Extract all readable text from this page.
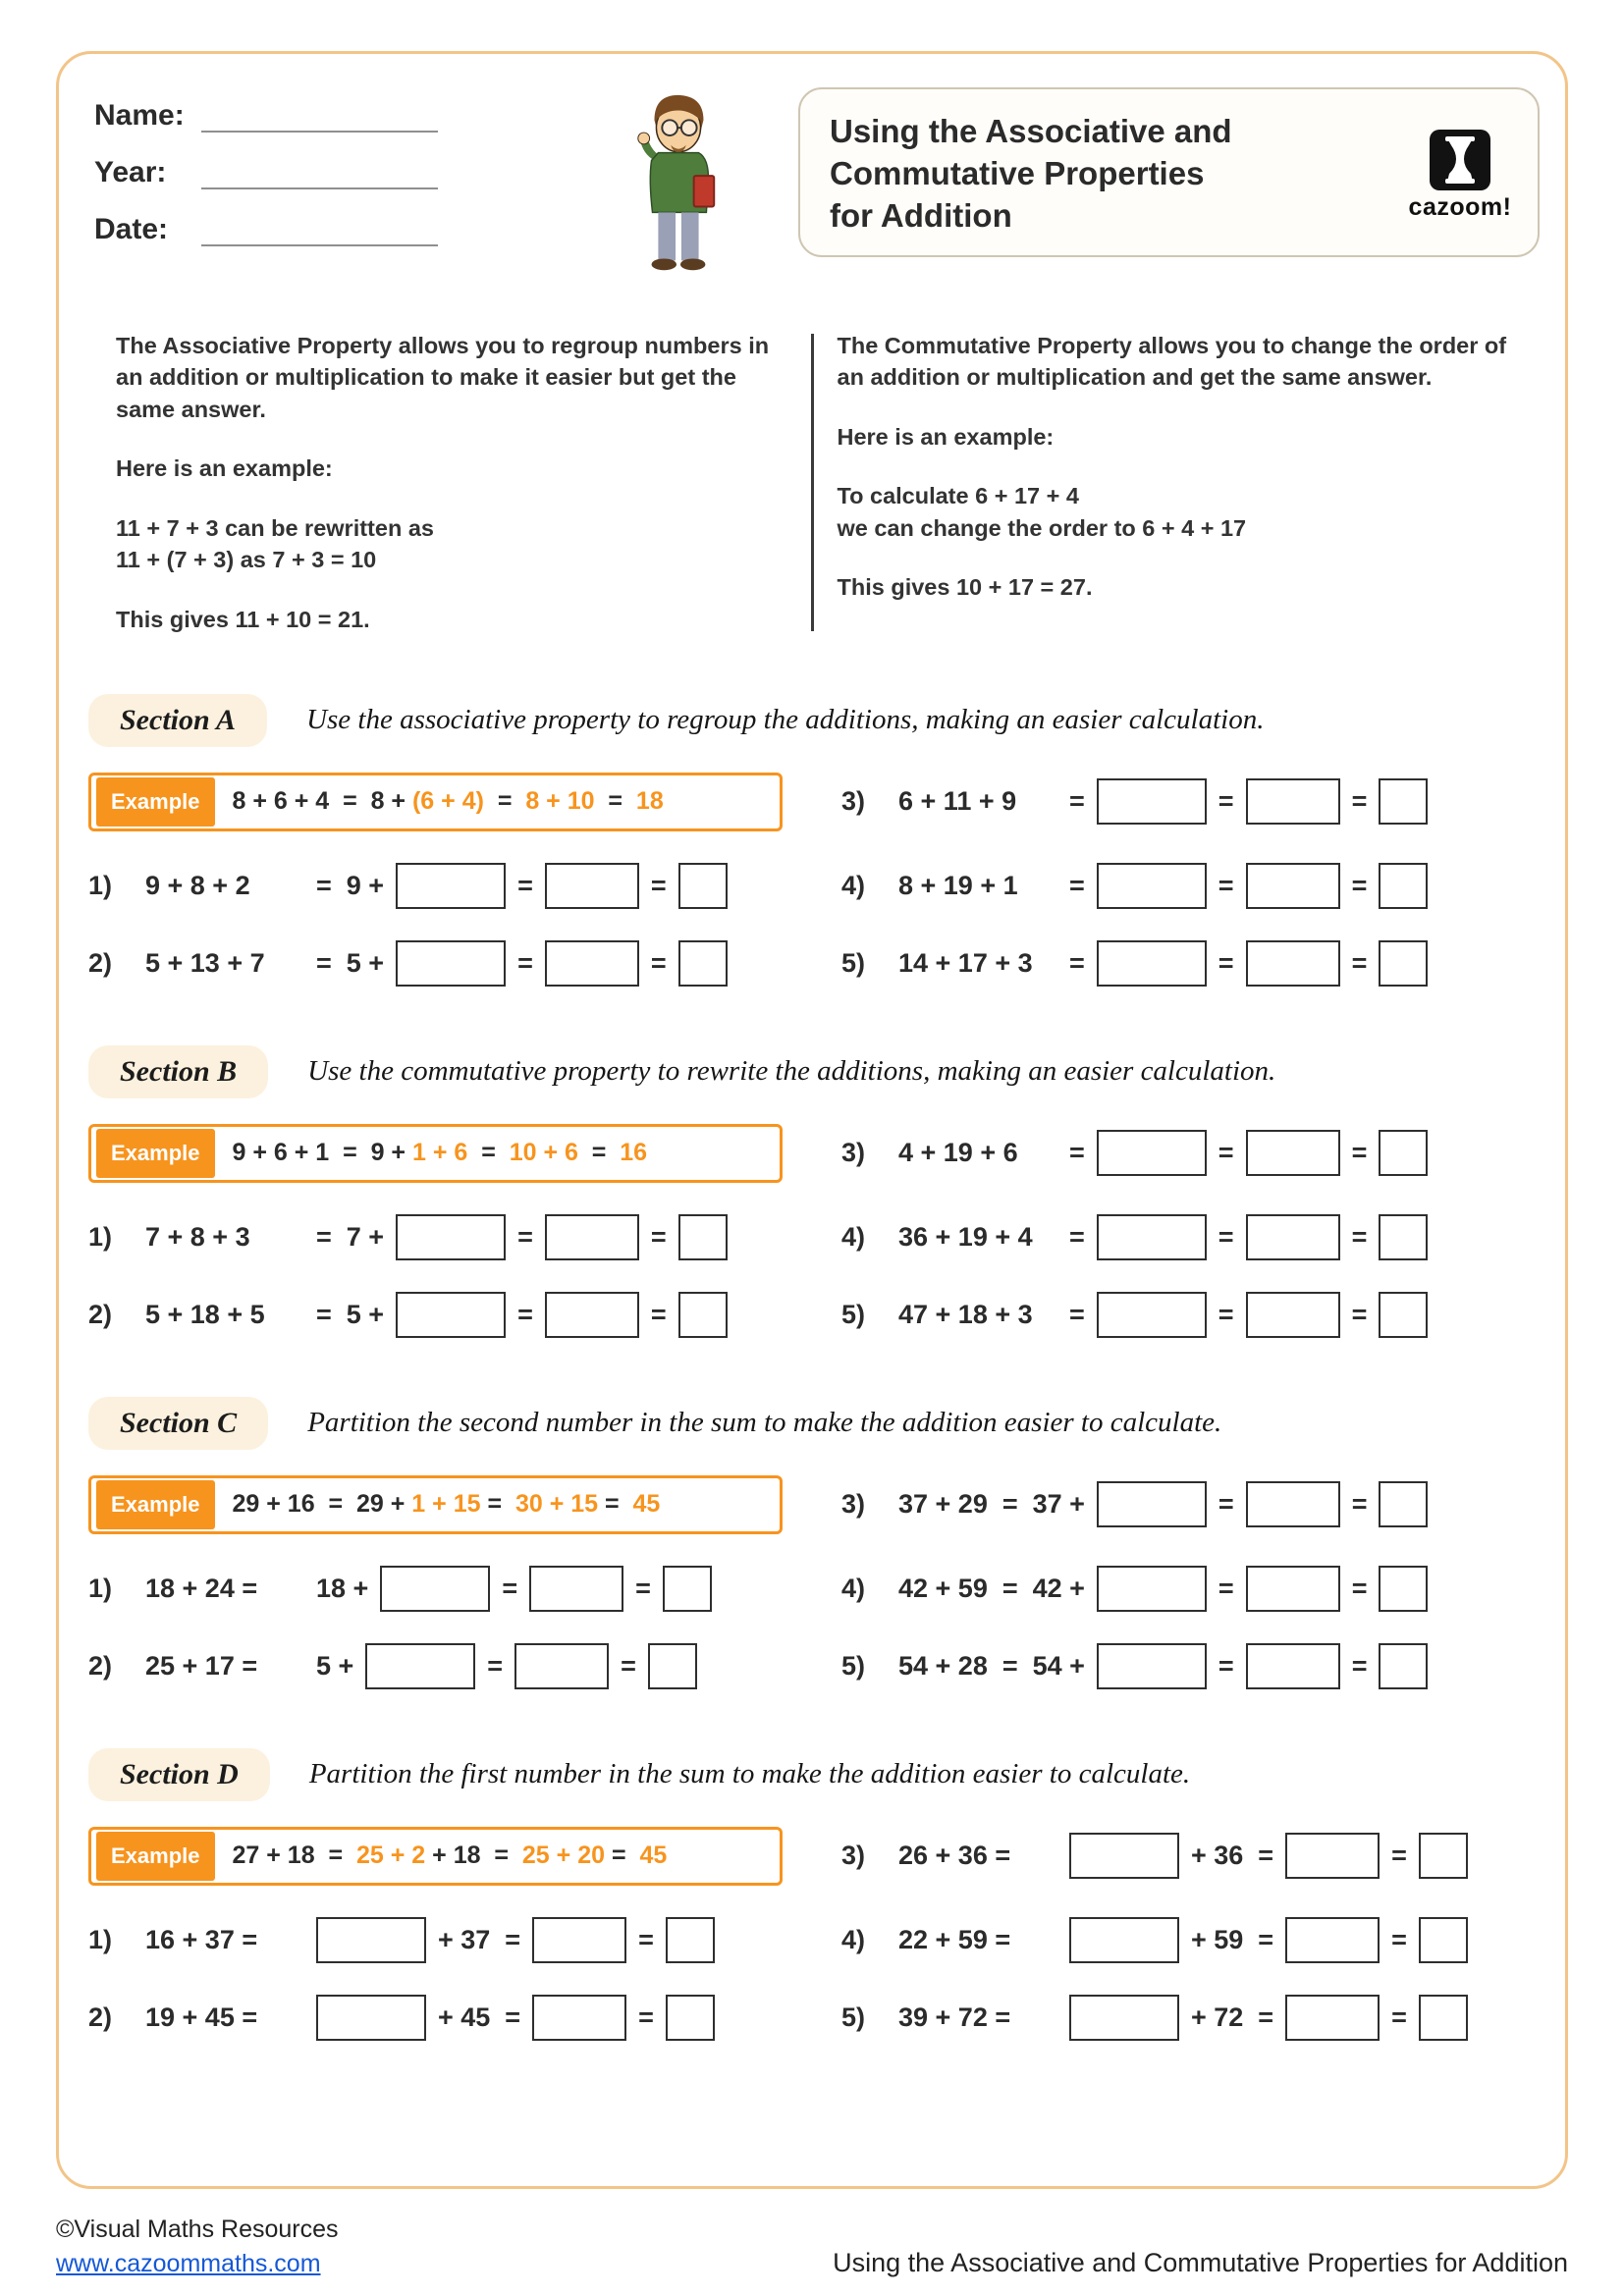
Name:
Year:
Date:
Using the Associative and
Commutative Properties
for Addition	cazoom!

The Associative Property allows you to regroup numbers in an addition or multiplication to make it easier but get the same answer.

Here is an example:

11 + 7 + 3 can be rewritten as

11 + (7 + 3) as 7 + 3 = 10

This gives 11 + 10 = 21.

The Commutative Property allows you to change the order of an addition or multiplication and get the same answer.

Here is an example:

To calculate 6 + 17 + 4

we can change the order to 6 + 4 + 17

This gives 10 + 17 = 27.

Section A	Use the associative property to regroup the additions, making an easier calculation.
Example	8 + 6 + 4  =  8 + (6 + 4)  =  8 + 10  =  18	3)	6 + 11 + 9	=	=	=
1)	9 + 8 + 2	=  9 +	=	=	4)	8 + 19 + 1	=	=	=
2)	5 + 13 + 7	=  5 +	=	=	5)	14 + 17 + 3	=	=	=
Section B	Use the commutative property to rewrite the additions, making an easier calculation.
Example	9 + 6 + 1  =  9 + 1 + 6  =  10 + 6  =  16	3)	4 + 19 + 6	=	=	=
1)	7 + 8 + 3	=  7 +	=	=	4)	36 + 19 + 4	=	=	=
2)	5 + 18 + 5	=  5 +	=	=	5)	47 + 18 + 3	=	=	=
Section C	Partition the second number in the sum to make the addition easier to calculate.
Example	29 + 16  =  29 + 1 + 15 =  30 + 15 =  45	3)	37 + 29  =  37 +	=	=
1)	18 + 24 =	18 +	=	=	4)	42 + 59  =  42 +	=	=
2)	25 + 17 =	5 +	=	=	5)	54 + 28  =  54 +	=	=
Section D	Partition the first number in the sum to make the addition easier to calculate.
Example	27 + 18  =  25 + 2 + 18  =  25 + 20 =  45	3)	26 + 36 =	+ 36  =	=
1)	16 + 37 =	+ 37  =	=	4)	22 + 59 =	+ 59  =	=
2)	19 + 45 =	+ 45  =	=	5)	39 + 72 =	+ 72  =	=
©Visual Maths Resources
www.cazoommaths.com	Using the Associative and Commutative Properties for Addition
